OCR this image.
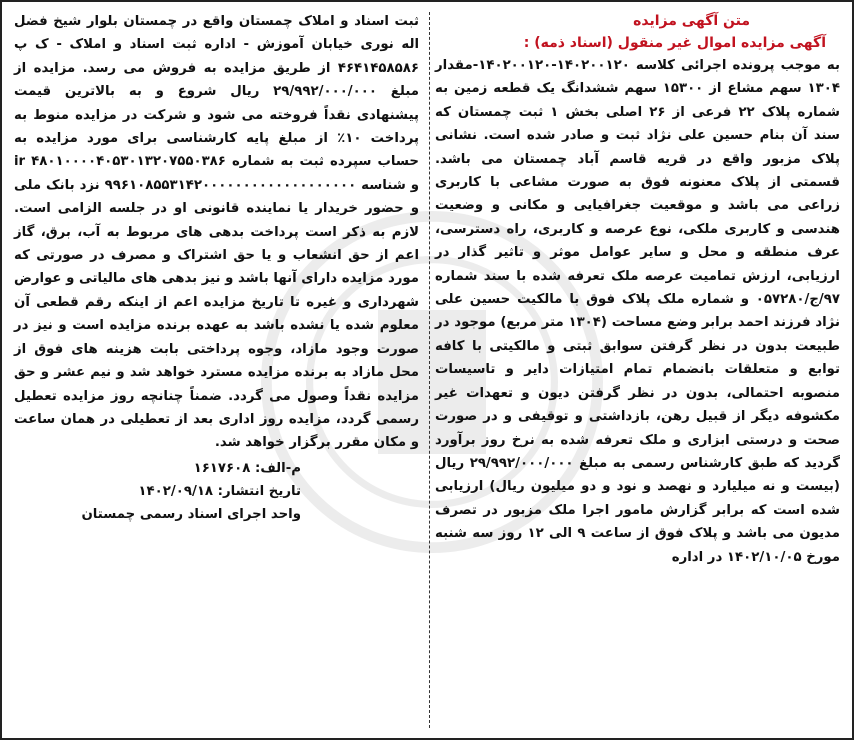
متن آگهی مزایده
آگهی مزایده اموال غیر منقول (اسناد ذمه) :

به موجب پرونده اجرائی کلاسه ۱۴۰۲۰۰۱۲۰-۱۴۰۲۰۰۱۲۰-مقدار ۱۳۰۴ سهم مشاع از ۱۵۳۰۰ سهم ششدانگ یک قطعه زمین به شماره پلاک ۲۲ فرعی از ۲۶ اصلی بخش ۱ ثبت چمستان که سند آن بنام حسین علی نژاد ثبت و صادر شده است. نشانی پلاک مزبور واقع در قریه قاسم آباد چمستان می باشد. قسمتی از پلاک معنونه فوق به صورت مشاعی با کاربری زراعی می باشد و موقعیت جغرافیایی و مکانی و وضعیت هندسی و کاربری ملکی، نوع عرصه و کاربری، راه دسترسی، عرف منطقه و محل و سایر عوامل موثر و تاثیر گذار در ارزیابی، ارزش تمامیت عرصه ملک تعرفه شده با سند شماره ۹۷/ج/۰۵۷۲۸۰ و شماره ملک پلاک فوق با مالکیت حسین علی نژاد فرزند احمد برابر وضع مساحت (۱۳۰۴ متر مربع) موجود در طبیعت بدون در نظر گرفتن سوابق ثبتی و مالکیتی با کافه توابع و متعلقات بانضمام تمام امتیازات دایر و تاسیسات منصوبه احتمالی، بدون در نظر گرفتن دیون و تعهدات غیر مکشوفه دیگر از قبیل رهن، بازداشتی و توقیفی و در صورت صحت و درستی ابزاری و ملک تعرفه شده به نرخ روز برآورد گردید که طبق کارشناس رسمی به مبلغ ۲۹/۹۹۲/۰۰۰/۰۰۰ ریال (بیست و نه میلیارد و نهصد و نود و دو میلیون ریال) ارزیابی شده است که برابر گزارش مامور اجرا ملک مزبور در تصرف مدیون می باشد و پلاک فوق از ساعت ۹ الی ۱۲ روز سه شنبه مورخ ۱۴۰۲/۱۰/۰۵ در اداره

ثبت اسناد و املاک چمستان واقع در چمستان بلوار شیخ فضل اله نوری خیابان آموزش - اداره ثبت اسناد و املاک - ک پ ۴۶۴۱۴۵۸۵۸۶ از طریق مزایده به فروش می رسد. مزایده از مبلغ ۲۹/۹۹۲/۰۰۰/۰۰۰ ریال شروع و به بالاترین قیمت پیشنهادی نقداً فروخته می شود و شرکت در مزایده منوط به پرداخت ۱۰٪ از مبلغ پایه کارشناسی برای مورد مزایده به حساب سپرده ثبت به شماره ir ۴۸۰۱۰۰۰۰۴۰۵۳۰۱۳۲۰۷۵۵۰۳۸۶ و شناسه ۹۹۶۱۰۸۵۵۳۱۴۲۰۰۰۰۰۰۰۰۰۰۰۰۰۰۰۰۰۰۰ نزد بانک ملی و حضور خریدار یا نماینده قانونی او در جلسه الزامی است. لازم به ذکر است پرداخت بدهی های مربوط به آب، برق، گاز اعم از حق انشعاب و یا حق اشتراک و مصرف در صورتی که مورد مزایده دارای آنها باشد و نیز بدهی های مالیاتی و عوارض شهرداری و غیره تا تاریخ مزایده اعم از اینکه رقم قطعی آن معلوم شده یا نشده باشد به عهده برنده مزایده است و نیز در صورت وجود مازاد، وجوه پرداختی بابت هزینه های فوق از محل مازاد به برنده مزایده مسترد خواهد شد و نیم عشر و حق مزایده نقداً وصول می گردد. ضمناً چنانچه روز مزایده تعطیل رسمی گردد، مزایده روز اداری بعد از تعطیلی در همان ساعت و مکان مقرر برگزار خواهد شد.

م-الف: ۱۶۱۷۶۰۸
تاریخ انتشار: ۱۴۰۲/۰۹/۱۸
واحد اجرای اسناد رسمی چمستان
